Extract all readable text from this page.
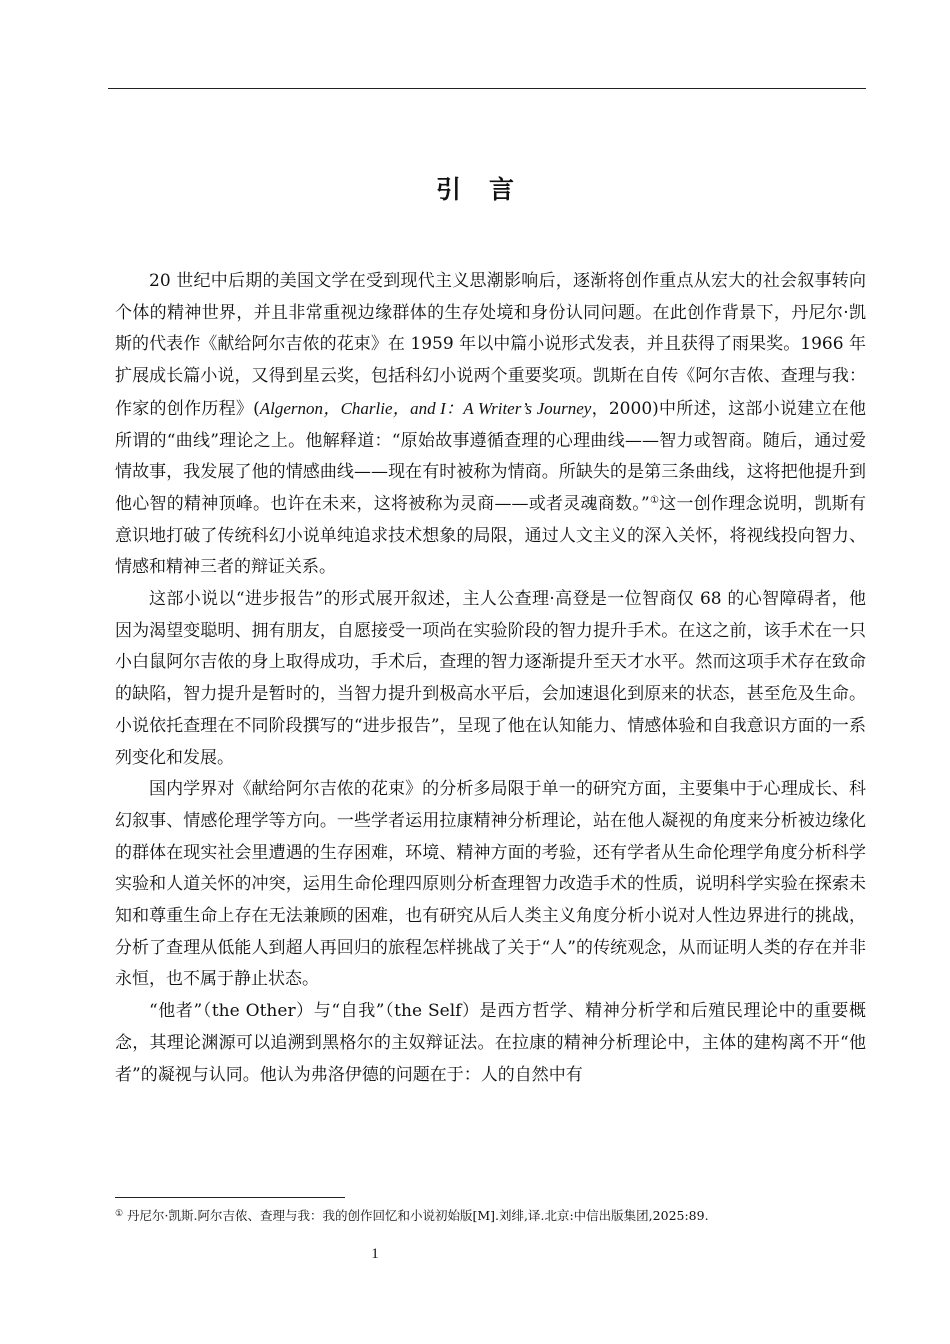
引言

20 世纪中后期的美国文学在受到现代主义思潮影响后，逐渐将创作重点从宏大的社会叙事转向个体的精神世界，并且非常重视边缘群体的生存处境和身份认同问题。在此创作背景下，丹尼尔·凯斯的代表作《献给阿尔吉侬的花束》在 1959 年以中篇小说形式发表，并且获得了雨果奖。1966 年扩展成长篇小说，又得到星云奖，包括科幻小说两个重要奖项。凯斯在自传《阿尔吉侬、查理与我：作家的创作历程》(Algernon，Charlie，and I：A Writer’s Journey，2000)中所述，这部小说建立在他所谓的“曲线”理论之上。他解释道：“原始故事遵循查理的心理曲线——智力或智商。随后，通过爱情故事，我发展了他的情感曲线——现在有时被称为情商。所缺失的是第三条曲线，这将把他提升到他心智的精神顶峰。也许在未来，这将被称为灵商——或者灵魂商数。”①这一创作理念说明，凯斯有意识地打破了传统科幻小说单纯追求技术想象的局限，通过人文主义的深入关怀，将视线投向智力、情感和精神三者的辩证关系。

这部小说以“进步报告”的形式展开叙述，主人公查理·高登是一位智商仅 68 的心智障碍者，他因为渴望变聪明、拥有朋友，自愿接受一项尚在实验阶段的智力提升手术。在这之前，该手术在一只小白鼠阿尔吉侬的身上取得成功，手术后，查理的智力逐渐提升至天才水平。然而这项手术存在致命的缺陷，智力提升是暂时的，当智力提升到极高水平后，会加速退化到原来的状态，甚至危及生命。小说依托查理在不同阶段撰写的“进步报告”，呈现了他在认知能力、情感体验和自我意识方面的一系列变化和发展。

国内学界对《献给阿尔吉侬的花束》的分析多局限于单一的研究方面，主要集中于心理成长、科幻叙事、情感伦理学等方向。一些学者运用拉康精神分析理论，站在他人凝视的角度来分析被边缘化的群体在现实社会里遭遇的生存困难，环境、精神方面的考验，还有学者从生命伦理学角度分析科学实验和人道关怀的冲突，运用生命伦理四原则分析查理智力改造手术的性质，说明科学实验在探索未知和尊重生命上存在无法兼顾的困难，也有研究从后人类主义角度分析小说对人性边界进行的挑战，分析了查理从低能人到超人再回归的旅程怎样挑战了关于“人”的传统观念，从而证明人类的存在并非永恒，也不属于静止状态。

“他者”（the Other）与“自我”（the Self）是西方哲学、精神分析学和后殖民理论中的重要概念，其理论渊源可以追溯到黑格尔的主奴辩证法。在拉康的精神分析理论中，主体的建构离不开“他者”的凝视与认同。他认为弗洛伊德的问题在于：人的自然中有

① 丹尼尔·凯斯.阿尔吉侬、查理与我：我的创作回忆和小说初始版[M].刘绯,译.北京:中信出版集团,2025:89.
1
